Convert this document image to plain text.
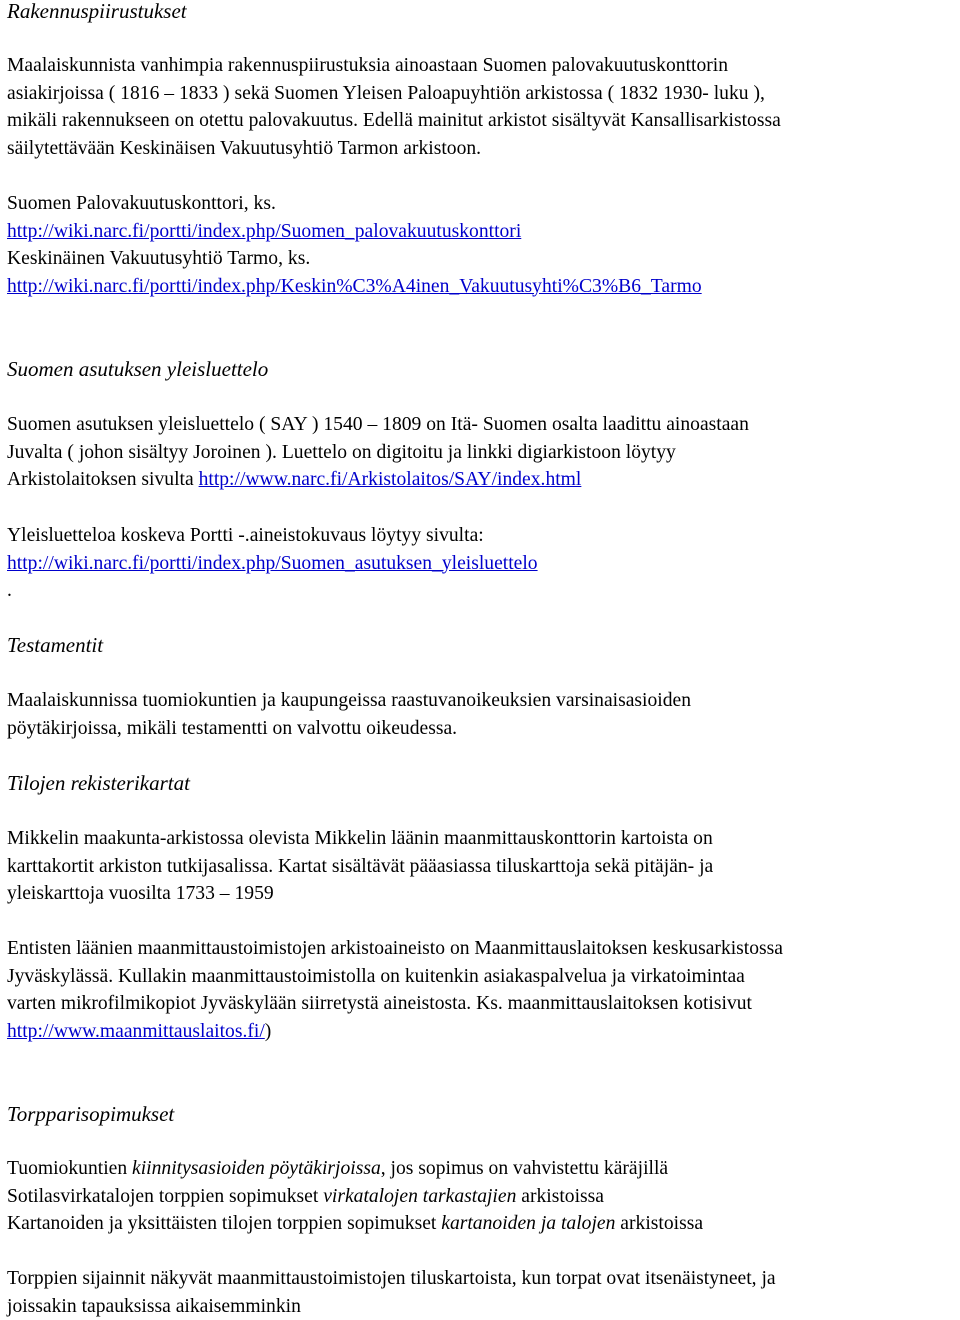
Rakennuspiirustukset
Maalaiskunnista vanhimpia rakennuspiirustuksia ainoastaan Suomen palovakuutuskonttorin
asiakirjoissa ( 1816 – 1833 ) sekä Suomen Yleisen Paloapuyhtiön arkistossa ( 1832 1930- luku ),
mikäli rakennukseen on otettu palovakuutus. Edellä mainitut arkistot sisältyvät Kansallisarkistossa
säilytettävään Keskinäisen Vakuutusyhtiö Tarmon arkistoon.
Suomen Palovakuutuskonttori, ks.
http://wiki.narc.fi/portti/index.php/Suomen_palovakuutuskonttori
Keskinäinen Vakuutusyhtiö Tarmo, ks.
http://wiki.narc.fi/portti/index.php/Keskin%C3%A4inen_Vakuutusyhti%C3%B6_Tarmo
Suomen asutuksen yleisluettelo
Suomen asutuksen yleisluettelo ( SAY ) 1540 – 1809 on Itä- Suomen osalta laadittu ainoastaan
Juvalta ( johon sisältyy Joroinen ). Luettelo on digitoitu ja linkki digiarkistoon löytyy
Arkistolaitoksen sivulta http://www.narc.fi/Arkistolaitos/SAY/index.html
Yleisluetteloa koskeva Portti -.aineistokuvaus löytyy sivulta:
http://wiki.narc.fi/portti/index.php/Suomen_asutuksen_yleisluettelo
.
Testamentit
Maalaiskunnissa tuomiokuntien ja kaupungeissa raastuvanoikeuksien varsinaisasioiden
pöytäkirjoissa, mikäli testamentti on valvottu oikeudessa.
Tilojen rekisterikartat
Mikkelin maakunta-arkistossa olevista Mikkelin läänin maanmittauskonttorin kartoista on
karttakortit arkiston tutkijasalissa. Kartat sisältävät pääasiassa tiluskarttoja sekä pitäjän- ja
yleiskarttoja vuosilta 1733 – 1959
Entisten läänien maanmittaustoimistojen arkistoaineisto on Maanmittauslaitoksen keskusarkistossa
Jyväskylässä. Kullakin maanmittaustoimistolla on kuitenkin asiakaspalvelua ja virkatoimintaa
varten mikrofilmikopiot Jyväskylään siirretystä aineistosta. Ks. maanmittauslaitoksen kotisivut
http://www.maanmittauslaitos.fi/)
Torpparisopimukset
Tuomiokuntien kiinnitysasioiden pöytäkirjoissa, jos sopimus on vahvistettu käräjillä
Sotilasvirkatalojen torppien sopimukset virkatalojen tarkastajien arkistoissa
Kartanoiden ja yksittäisten tilojen torppien sopimukset kartanoiden ja talojen arkistoissa
Torppien sijainnit näkyvät maanmittaustoimistojen tiluskartoista, kun torpat ovat itsenäistyneet, ja
joissakin tapauksissa aikaisemminkin
